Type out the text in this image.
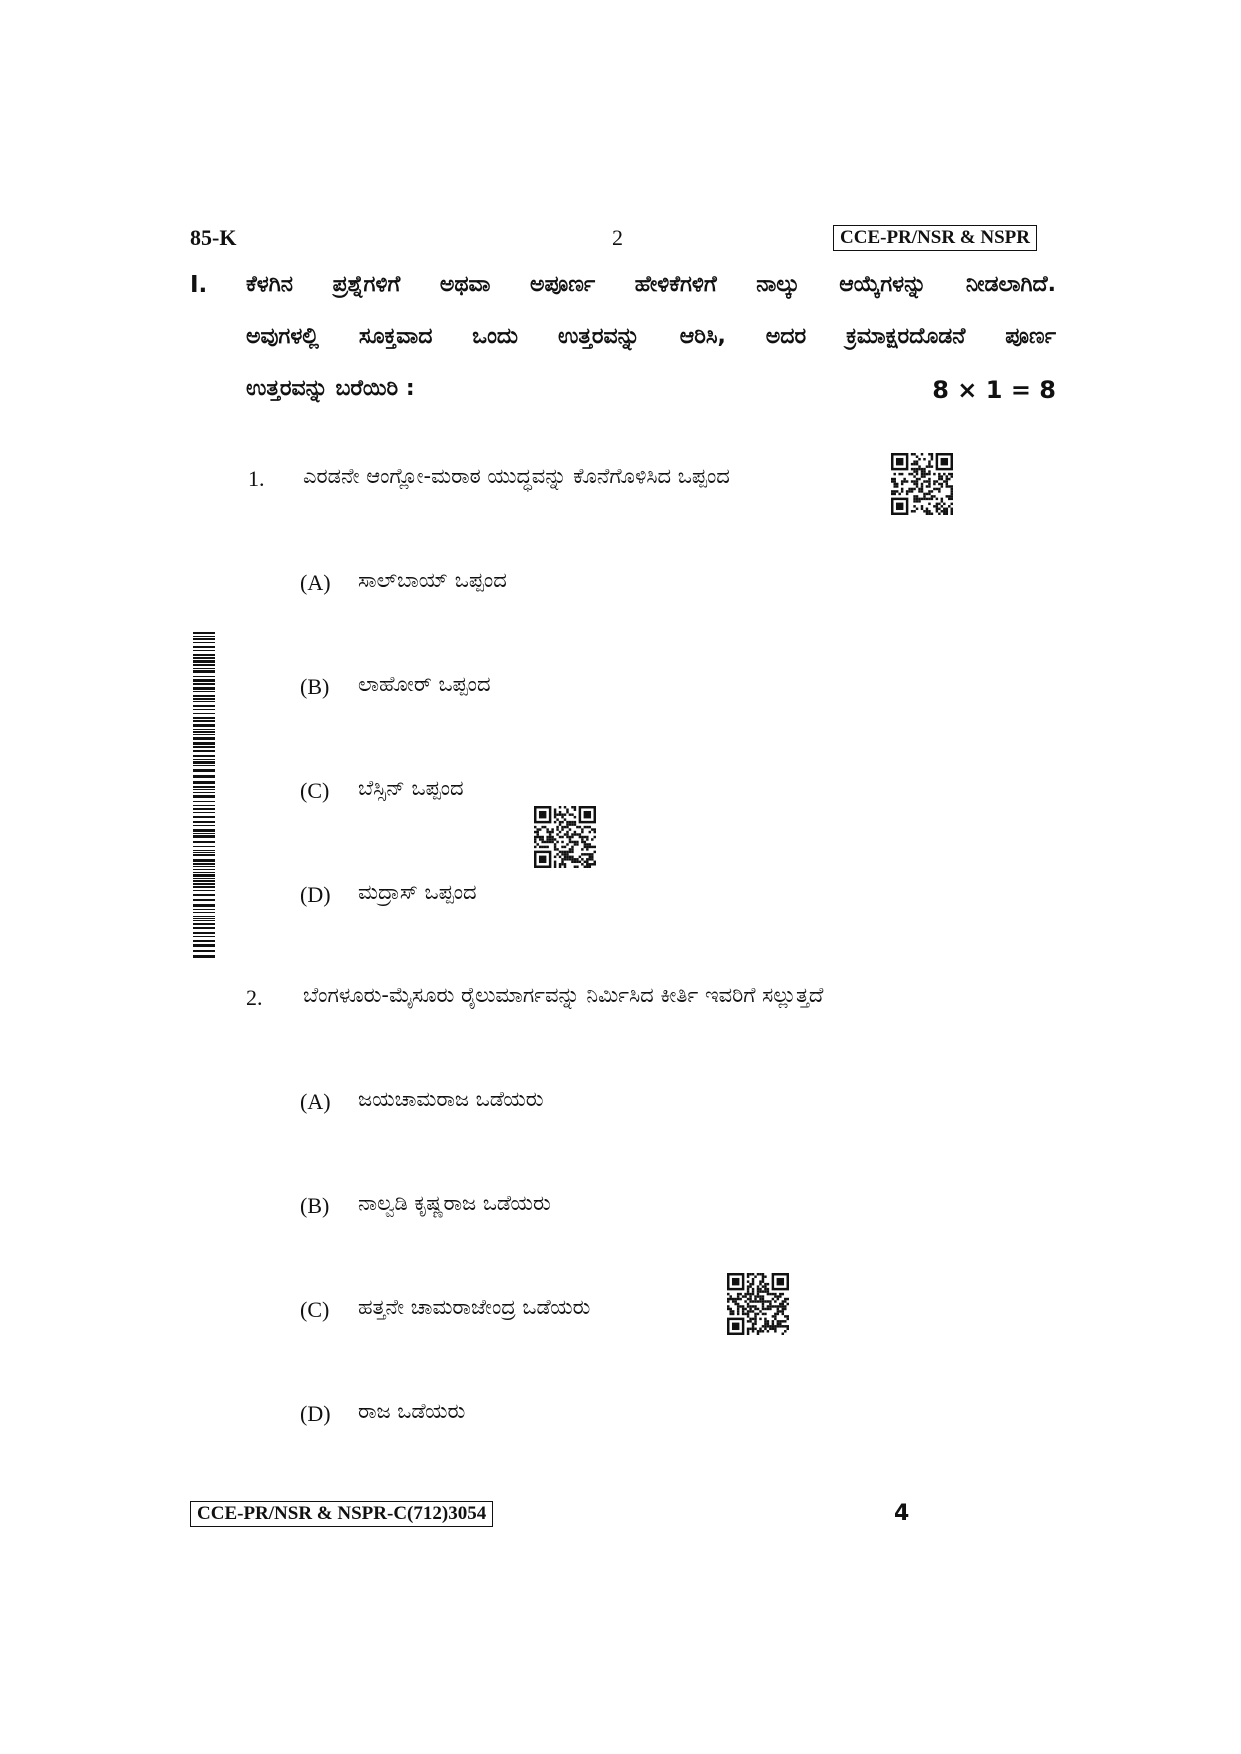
85-K	2	CCE-PR/NSR & NSPR
I. ಕೆಳಗಿನ ಪ್ರಶ್ನೆಗಳಿಗೆ ಅಥವಾ ಅಪೂರ್ಣ ಹೇಳಿಕೆಗಳಿಗೆ ನಾಲ್ಕು ಆಯ್ಕೆಗಳನ್ನು ನೀಡಲಾಗಿದೆ.
ಅವುಗಳಲ್ಲಿ ಸೂಕ್ತವಾದ ಒಂದು ಉತ್ತರವನ್ನು ಆರಿಸಿ, ಅದರ ಕ್ರಮಾಕ್ಷರದೊಡನೆ ಪೂರ್ಣ
ಉತ್ತರವನ್ನು ಬರೆಯಿರಿ :	8 × 1 = 8
1. ಎರಡನೇ ಆಂಗ್ಲೋ-ಮರಾಠ ಯುದ್ಧವನ್ನು ಕೊನೆಗೊಳಿಸಿದ ಒಪ್ಪಂದ
(A) ಸಾಲ್‌ಬಾಯ್ ಒಪ್ಪಂದ
(B) ಲಾಹೋರ್ ಒಪ್ಪಂದ
(C) ಬೆಸ್ಸಿನ್ ಒಪ್ಪಂದ
(D) ಮದ್ರಾಸ್ ಒಪ್ಪಂದ
2. ಬೆಂಗಳೂರು-ಮೈಸೂರು ರೈಲುಮಾರ್ಗವನ್ನು ನಿರ್ಮಿಸಿದ ಕೀರ್ತಿ ಇವರಿಗೆ ಸಲ್ಲುತ್ತದೆ
(A) ಜಯಚಾಮರಾಜ ಒಡೆಯರು
(B) ನಾಲ್ವಡಿ ಕೃಷ್ಣರಾಜ ಒಡೆಯರು
(C) ಹತ್ತನೇ ಚಾಮರಾಜೇಂದ್ರ ಒಡೆಯರು
(D) ರಾಜ ಒಡೆಯರು
CCE-PR/NSR & NSPR-C(712)3054	4
